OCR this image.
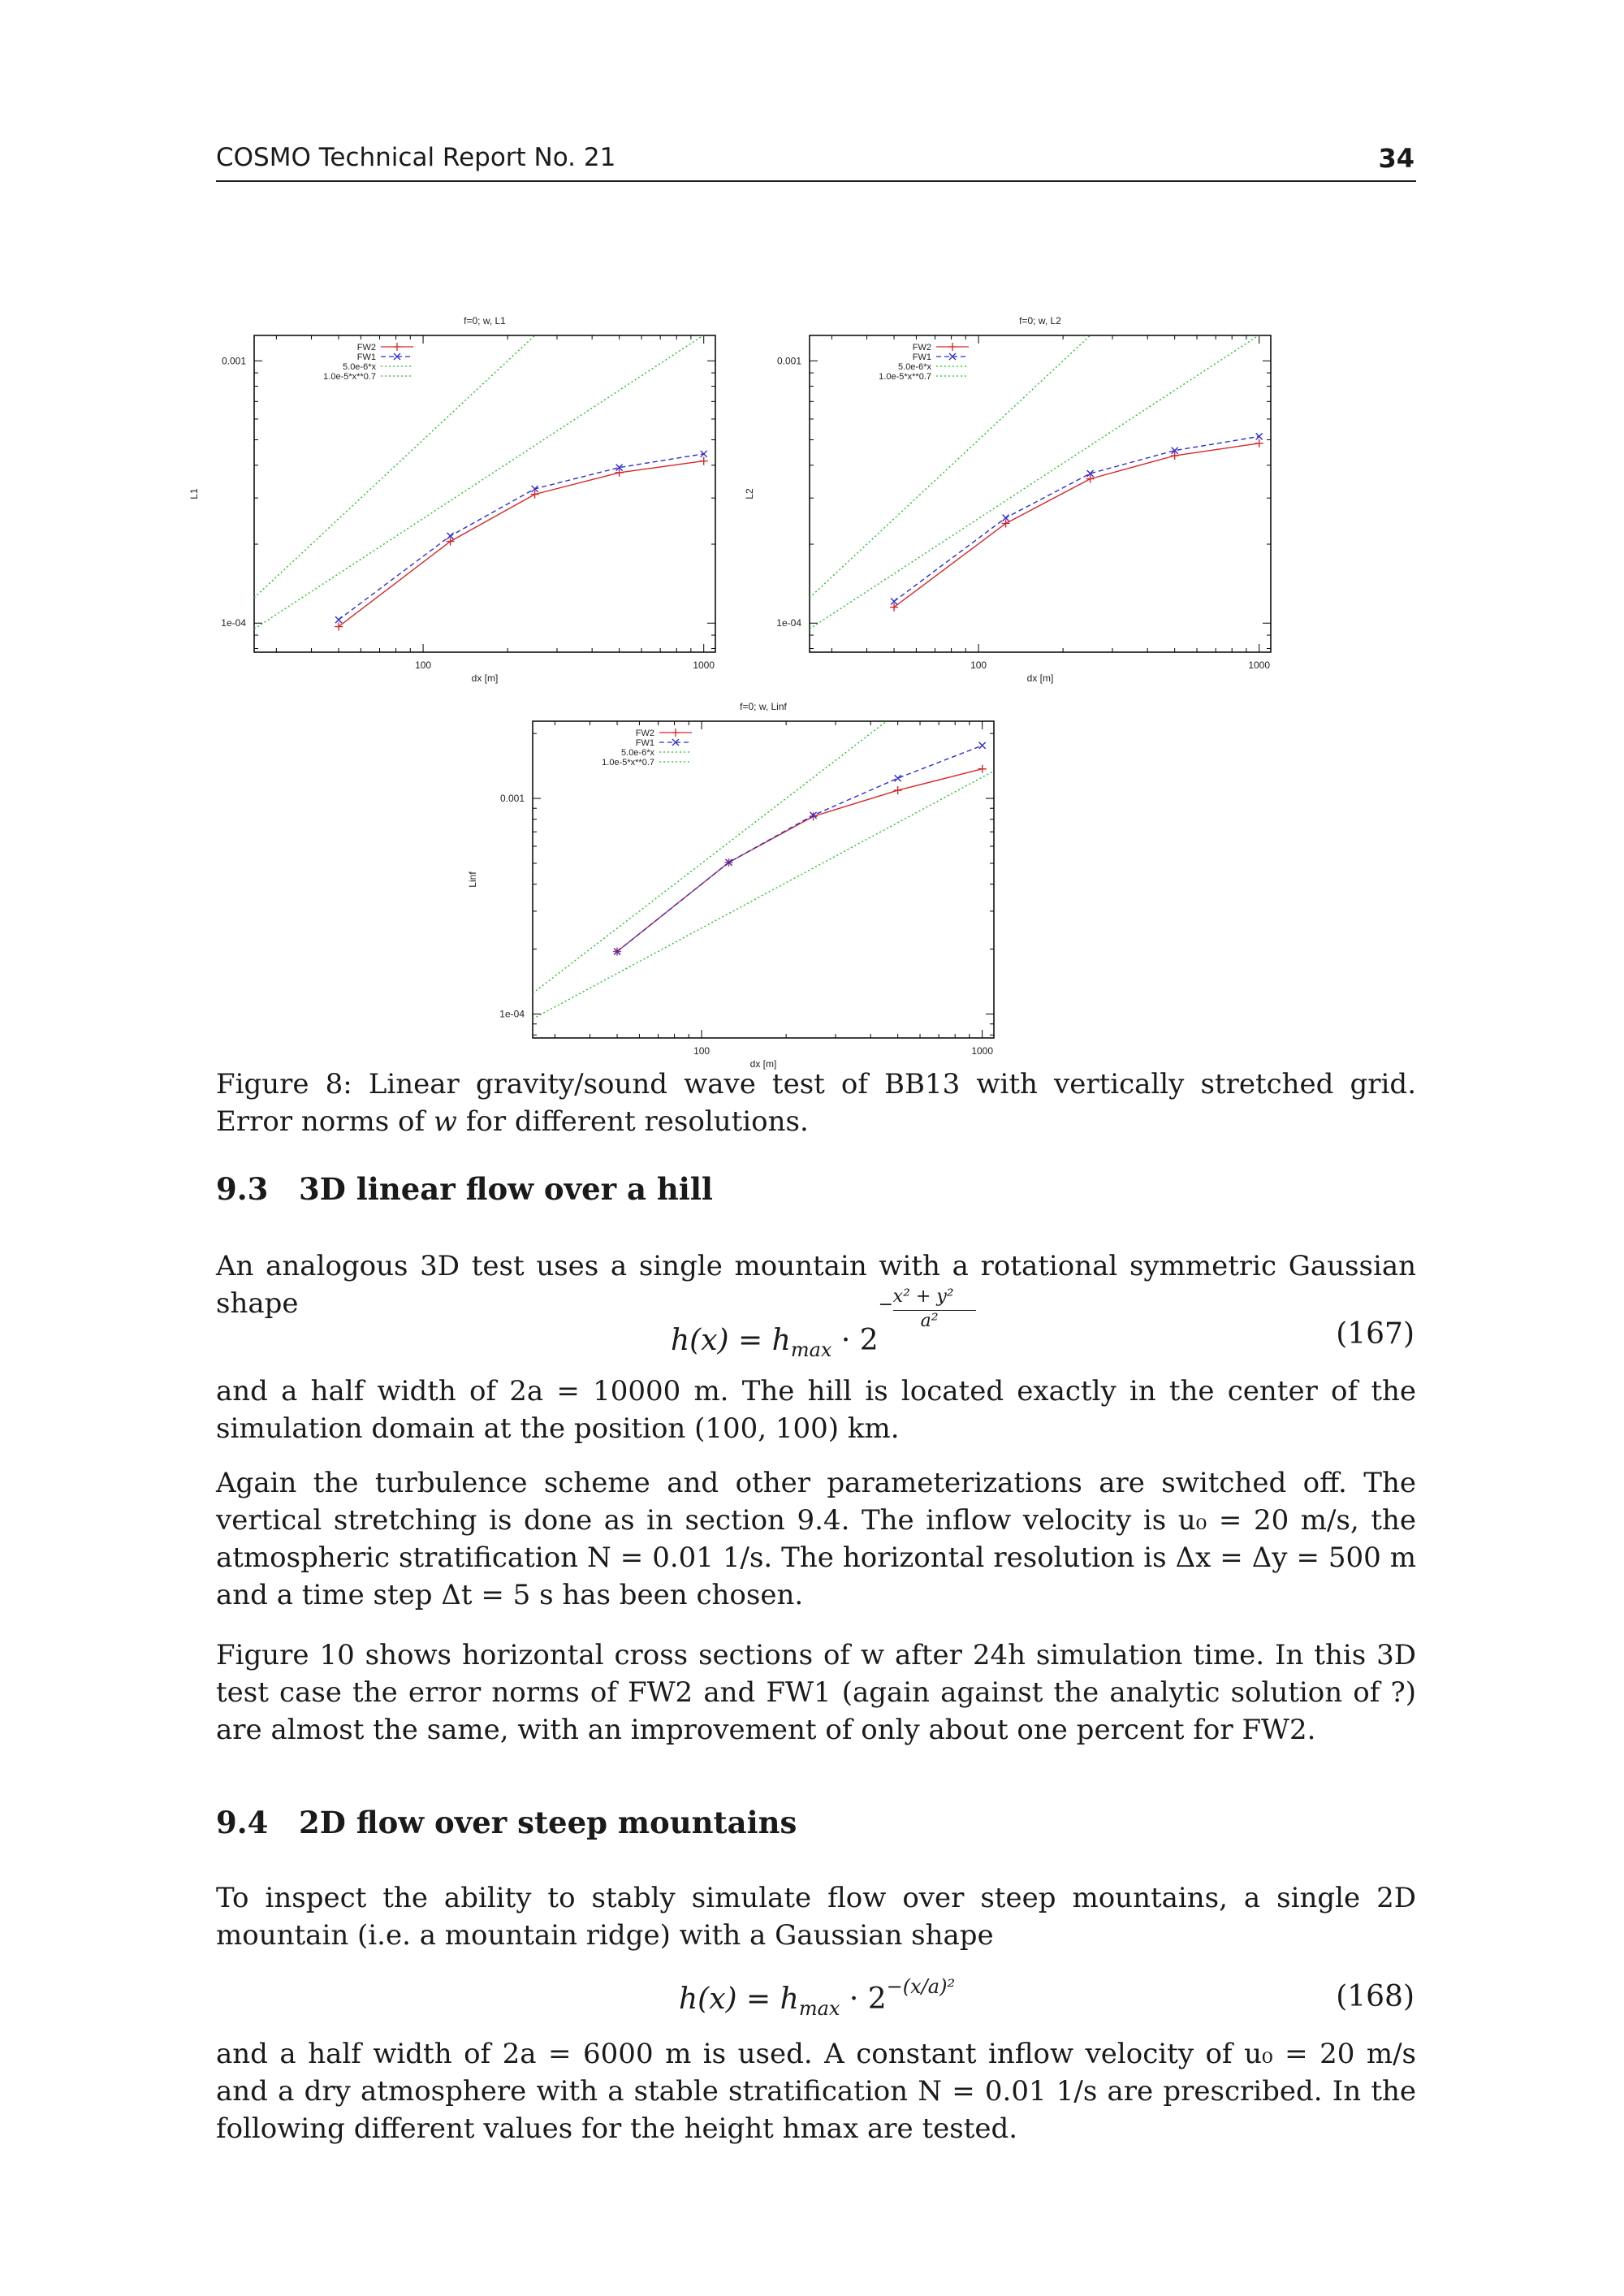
COSMO Technical Report No. 21	34
100	1000
0.001
1e-04
f=0; w, L1
dx [m]
L1
FW2
FW1
5.0e-6*x
1.0e-5*x**0.7
100	1000
0.001
1e-04
f=0; w, L2
dx [m]
L2
FW2
FW1
5.0e-6*x
1.0e-5*x**0.7
100	1000
0.001
1e-04
f=0; w, Linf
dx [m]
Linf
FW2
FW1
5.0e-6*x
1.0e-5*x**0.7
Figure 8: Linear gravity/sound wave test of BB13 with vertically stretched grid. Error norms of w for different resolutions.
9.3 3D linear flow over a hill
An analogous 3D test uses a single mountain with a rotational symmetric Gaussian shape
$h(x) = h_{max} \cdot 2$
− x² + y²
a²	(167)
and a half width of 2a = 10000 m. The hill is located exactly in the center of the simulation domain at the position (100, 100) km.
Again the turbulence scheme and other parameterizations are switched off. The vertical stretching is done as in section 9.4. The inflow velocity is u₀ = 20 m/s, the atmospheric stratification N = 0.01 1/s. The horizontal resolution is Δx = Δy = 500 m and a time step Δt = 5 s has been chosen.
Figure 10 shows horizontal cross sections of w after 24h simulation time. In this 3D test case the error norms of FW2 and FW1 (again against the analytic solution of ?) are almost the same, with an improvement of only about one percent for FW2.
9.4 2D flow over steep mountains
To inspect the ability to stably simulate flow over steep mountains, a single 2D mountain (i.e. a mountain ridge) with a Gaussian shape
$h(x) = h_{max} \cdot 2^{-(x/a)^2}$	(168)
and a half width of 2a = 6000 m is used. A constant inflow velocity of u₀ = 20 m/s and a dry atmosphere with a stable stratification N = 0.01 1/s are prescribed. In the following different values for the height hmax are tested.
